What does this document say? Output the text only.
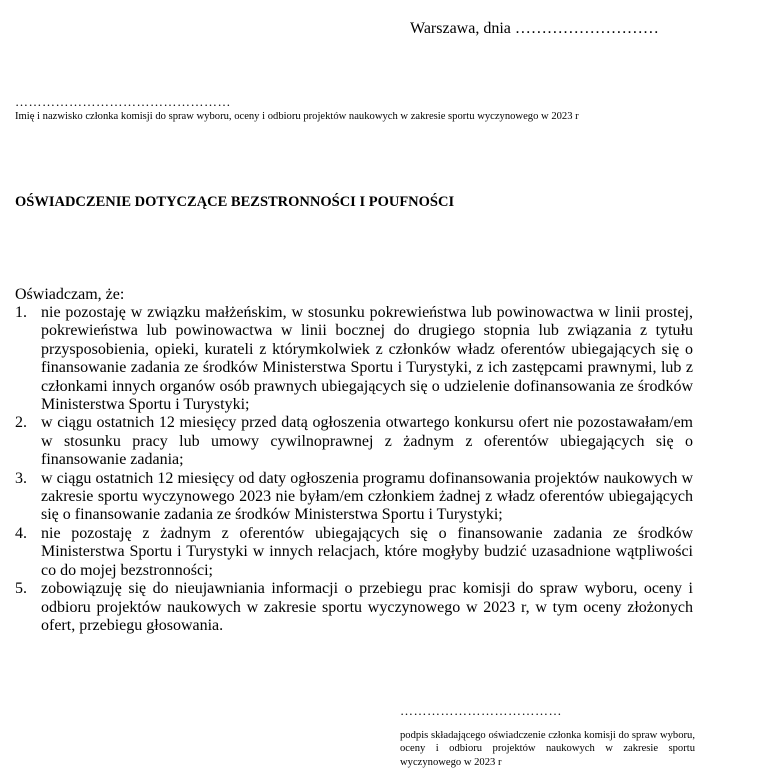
Warszawa, dnia ………………………
…………………………………………
Imię i nazwisko członka komisji do spraw wyboru, oceny i odbioru projektów naukowych w zakresie sportu wyczynowego w 2023 r
OŚWIADCZENIE DOTYCZĄCE BEZSTRONNOŚCI I POUFNOŚCI
Oświadczam, że:
1. nie pozostaję w związku małżeńskim, w stosunku pokrewieństwa lub powinowactwa w linii prostej, pokrewieństwa lub powinowactwa w linii bocznej do drugiego stopnia lub związania z tytułu przysposobienia, opieki, kurateli z którymkolwiek z członków władz oferentów ubiegających się o finansowanie zadania ze środków Ministerstwa Sportu i Turystyki, z ich zastępcami prawnymi, lub z członkami innych organów osób prawnych ubiegających się o udzielenie dofinansowania ze środków Ministerstwa Sportu i Turystyki;
2. w ciągu ostatnich 12 miesięcy przed datą ogłoszenia otwartego konkursu ofert nie pozostawałam/em w stosunku pracy lub umowy cywilnoprawnej z żadnym z oferentów ubiegających się o finansowanie zadania;
3. w ciągu ostatnich 12 miesięcy od daty ogłoszenia programu dofinansowania projektów naukowych w zakresie sportu wyczynowego 2023 nie byłam/em członkiem żadnej z władz oferentów ubiegających się o finansowanie zadania ze środków Ministerstwa Sportu i Turystyki;
4. nie pozostaję z żadnym z oferentów ubiegających się o finansowanie zadania ze środków Ministerstwa Sportu i Turystyki w innych relacjach, które mogłyby budzić uzasadnione wątpliwości co do mojej bezstronności;
5. zobowiązuję się do nieujawniania informacji o przebiegu prac komisji do spraw wyboru, oceny i odbioru projektów naukowych w zakresie sportu wyczynowego w 2023 r, w tym oceny złożonych ofert, przebiegu głosowania.
………………………………
podpis składającego oświadczenie członka komisji do spraw wyboru, oceny i odbioru projektów naukowych w zakresie sportu wyczynowego w 2023 r
